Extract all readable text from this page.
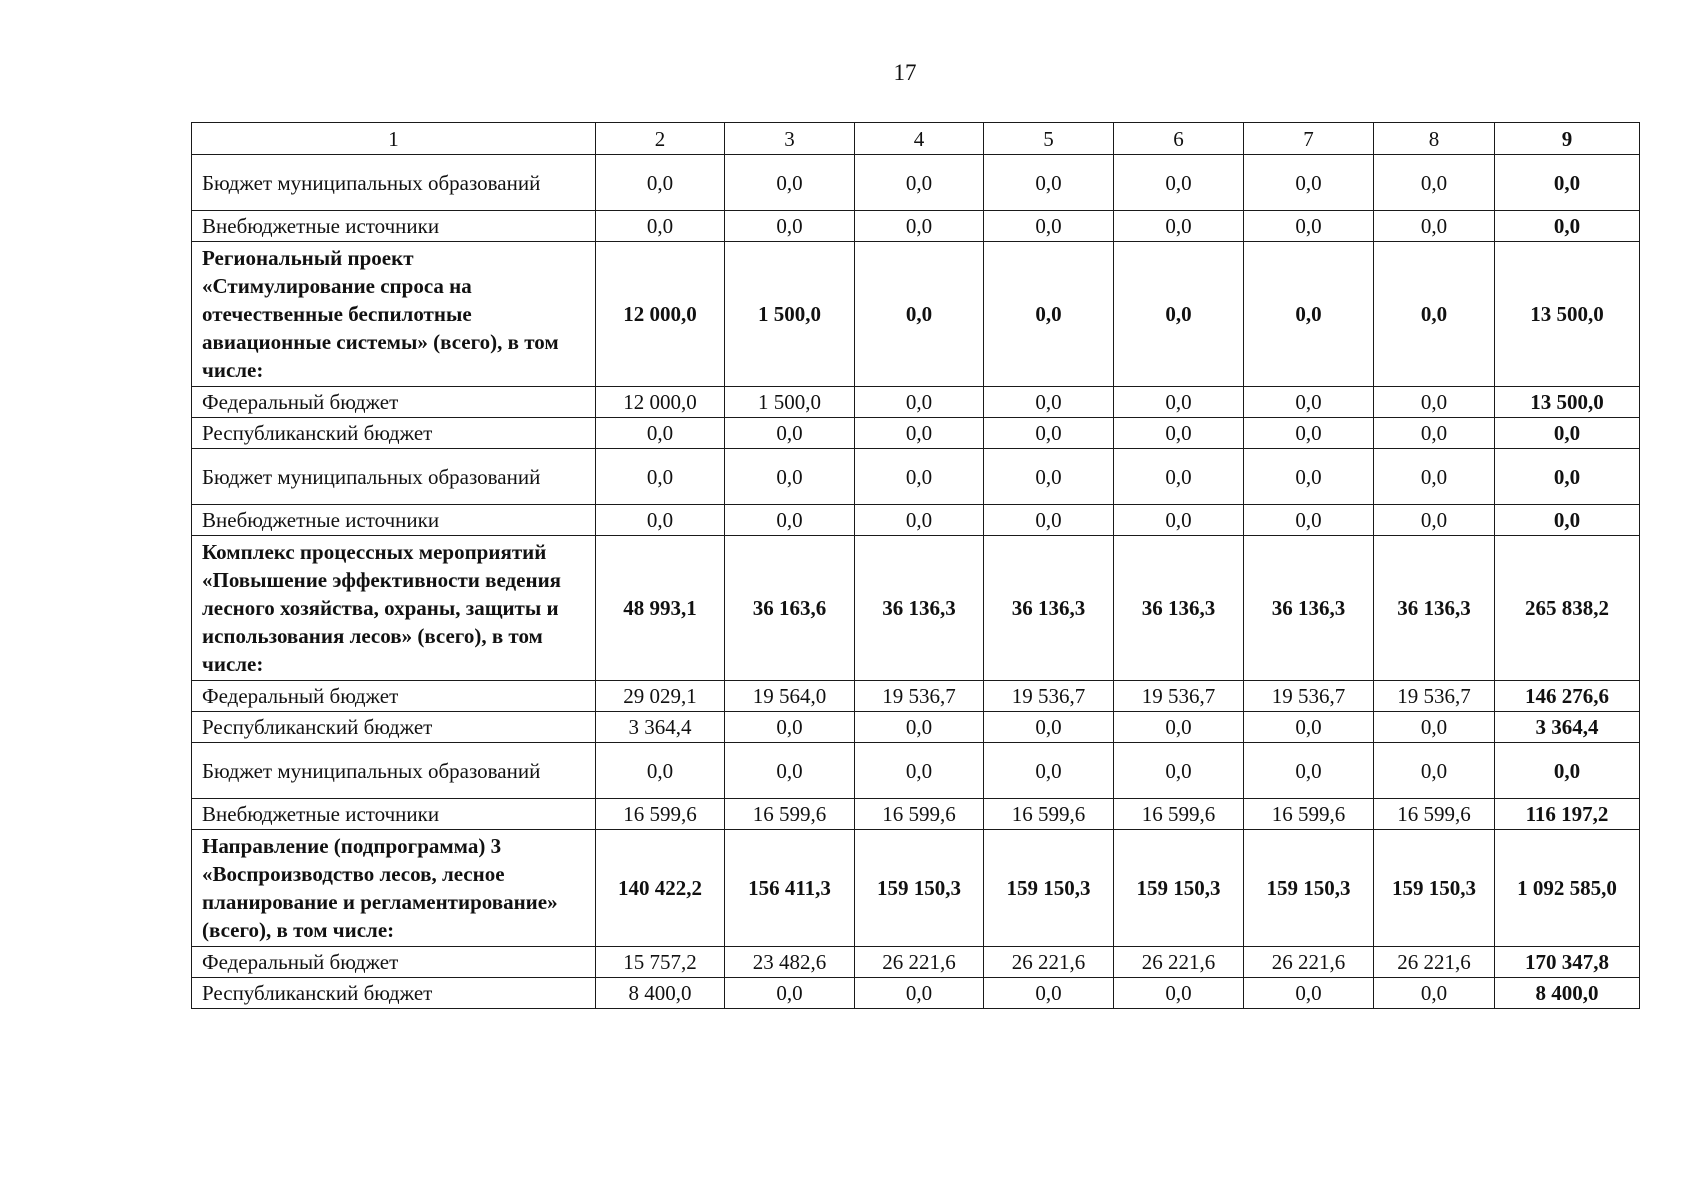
17
1	2	3	4	5	6	7	8	9
Бюджет муниципальных образований	0,0	0,0	0,0	0,0	0,0	0,0	0,0	0,0
Внебюджетные источники	0,0	0,0	0,0	0,0	0,0	0,0	0,0	0,0
Региональный проект «Стимулирование спроса на отечественные беспилотные авиационные системы» (всего), в том числе:	12 000,0	1 500,0	0,0	0,0	0,0	0,0	0,0	13 500,0
Федеральный бюджет	12 000,0	1 500,0	0,0	0,0	0,0	0,0	0,0	13 500,0
Республиканский бюджет	0,0	0,0	0,0	0,0	0,0	0,0	0,0	0,0
Бюджет муниципальных образований	0,0	0,0	0,0	0,0	0,0	0,0	0,0	0,0
Внебюджетные источники	0,0	0,0	0,0	0,0	0,0	0,0	0,0	0,0
Комплекс процессных мероприятий «Повышение эффективности ведения лесного хозяйства, охраны, защиты и использования лесов» (всего), в том числе:	48 993,1	36 163,6	36 136,3	36 136,3	36 136,3	36 136,3	36 136,3	265 838,2
Федеральный бюджет	29 029,1	19 564,0	19 536,7	19 536,7	19 536,7	19 536,7	19 536,7	146 276,6
Республиканский бюджет	3 364,4	0,0	0,0	0,0	0,0	0,0	0,0	3 364,4
Бюджет муниципальных образований	0,0	0,0	0,0	0,0	0,0	0,0	0,0	0,0
Внебюджетные источники	16 599,6	16 599,6	16 599,6	16 599,6	16 599,6	16 599,6	16 599,6	116 197,2
Направление (подпрограмма) 3 «Воспроизводство лесов, лесное планирование и регламентирование» (всего), в том числе:	140 422,2	156 411,3	159 150,3	159 150,3	159 150,3	159 150,3	159 150,3	1 092 585,0
Федеральный бюджет	15 757,2	23 482,6	26 221,6	26 221,6	26 221,6	26 221,6	26 221,6	170 347,8
Республиканский бюджет	8 400,0	0,0	0,0	0,0	0,0	0,0	0,0	8 400,0
